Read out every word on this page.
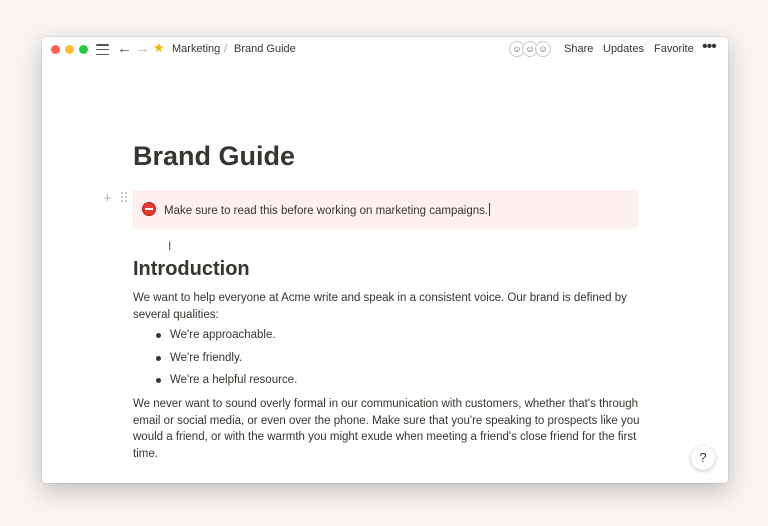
← → ★ Marketing / Brand Guide	☺ ☺ ☺	Share Updates Favorite •••
Brand Guide
+
Make sure to read this before working on marketing campaigns.
I
Introduction

We want to help everyone at Acme write and speak in a consistent voice. Our brand is defined by several qualities:

We're approachable.
We're friendly.
We're a helpful resource.

We never want to sound overly formal in our communication with customers, whether that's through email or social media, or even over the phone. Make sure that you're speaking to prospects like you would a friend, or with the warmth you might exude when meeting a friend's close friend for the first time.	?
